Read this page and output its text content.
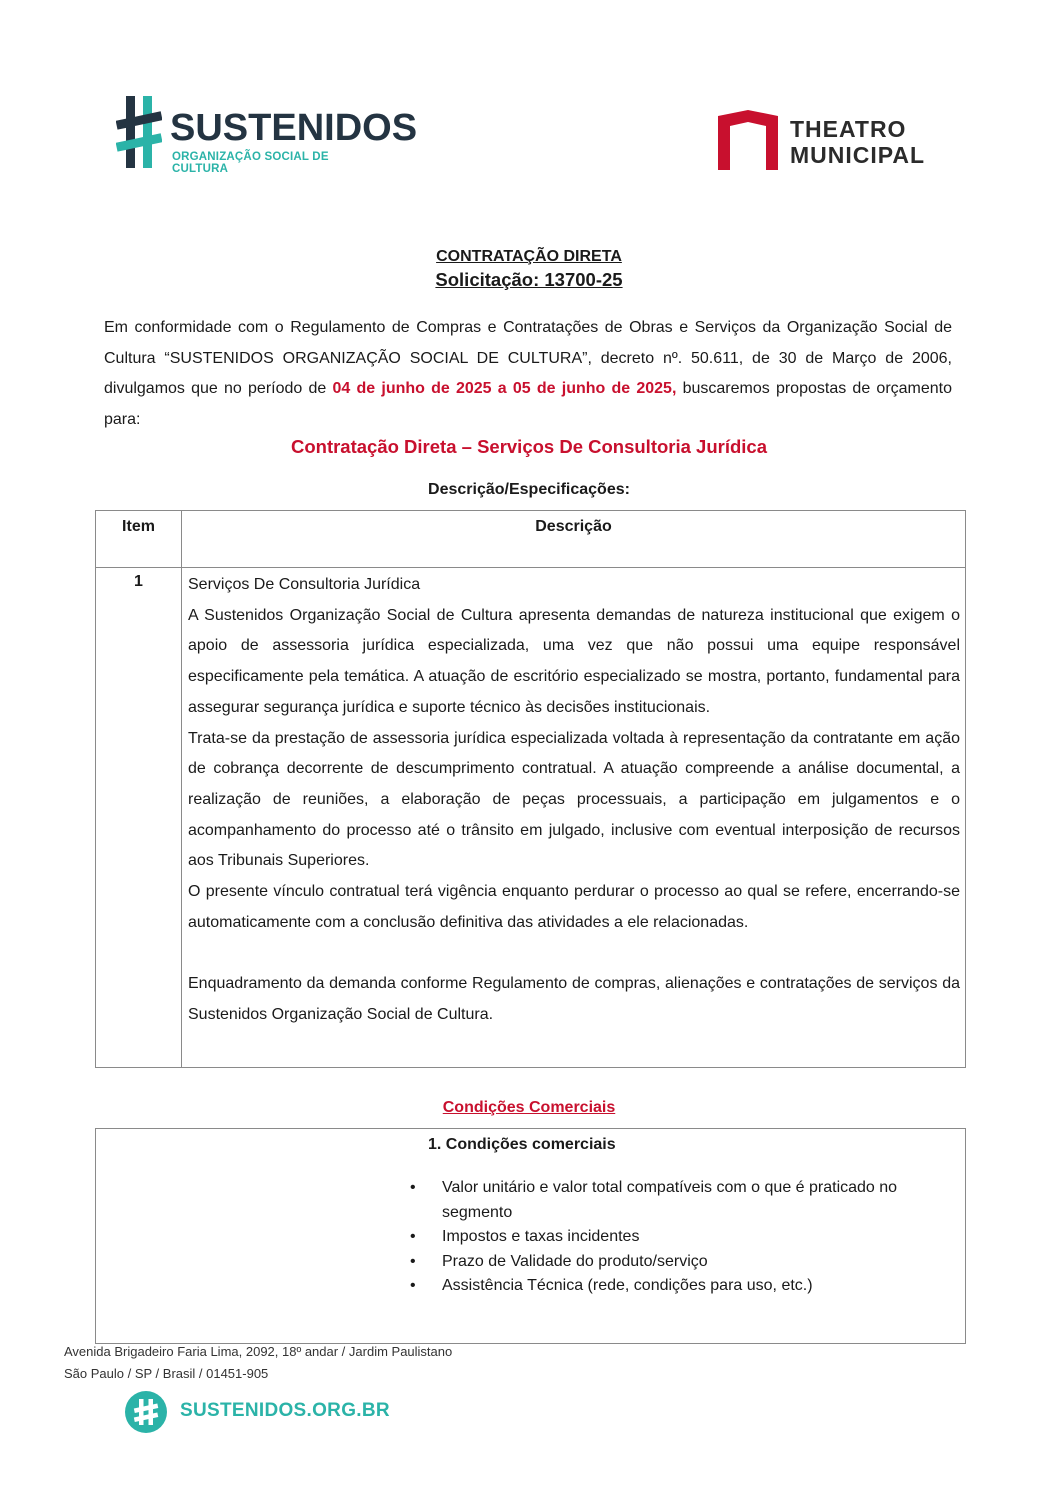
SUSTENIDOS
ORGANIZAÇÃO SOCIAL DE CULTURA
THEATRO
MUNICIPAL
CONTRATAÇÃO DIRETA
Solicitação: 13700-25
Em conformidade com o Regulamento de Compras e Contratações de Obras e Serviços da Organização Social de Cultura “SUSTENIDOS ORGANIZAÇÃO SOCIAL DE CULTURA”, decreto nº. 50.611, de 30 de Março de 2006, divulgamos que no período de 04 de junho de 2025 a 05 de junho de 2025, buscaremos propostas de orçamento para:
Contratação Direta – Serviços De Consultoria Jurídica
Descrição/Especificações:
Item	Descrição
1	Serviços De Consultoria Jurídica

A Sustenidos Organização Social de Cultura apresenta demandas de natureza institucional que exigem o apoio de assessoria jurídica especializada, uma vez que não possui uma equipe responsável especificamente pela temática. A atuação de escritório especializado se mostra, portanto, fundamental para assegurar segurança jurídica e suporte técnico às decisões institucionais.

Trata-se da prestação de assessoria jurídica especializada voltada à representação da contratante em ação de cobrança decorrente de descumprimento contratual. A atuação compreende a análise documental, a realização de reuniões, a elaboração de peças processuais, a participação em julgamentos e o acompanhamento do processo até o trânsito em julgado, inclusive com eventual interposição de recursos aos Tribunais Superiores.

O presente vínculo contratual terá vigência enquanto perdurar o processo ao qual se refere, encerrando-se automaticamente com a conclusão definitiva das atividades a ele relacionadas.

Enquadramento da demanda conforme Regulamento de compras, alienações e contratações de serviços da Sustenidos Organização Social de Cultura.

Condições Comerciais
1. Condições comerciais
• Valor unitário e valor total compatíveis com o que é praticado no segmento
• Impostos e taxas incidentes
• Prazo de Validade do produto/serviço
• Assistência Técnica (rede, condições para uso, etc.)
Avenida Brigadeiro Faria Lima, 2092, 18º andar / Jardim Paulistano
São Paulo / SP / Brasil / 01451-905
SUSTENIDOS.ORG.BR
